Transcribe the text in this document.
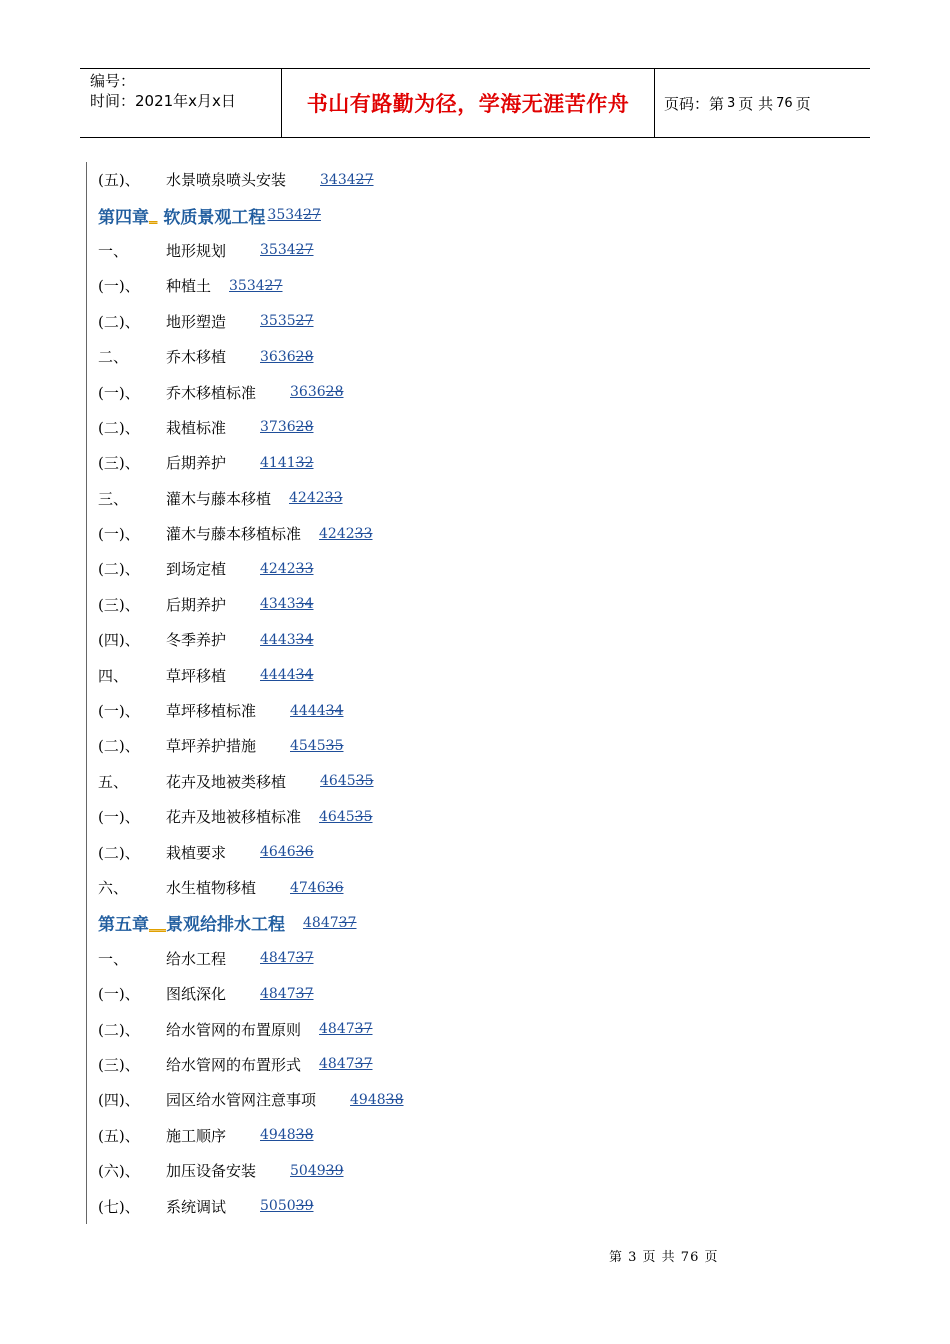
编号：
时间：2021年x月x日	书山有路勤为径，学海无涯苦作舟	页码：第 3 页 共 76 页
(五)、	水景喷泉喷头安装 343427
第四章 _ 软质景观工程 353427
一、	地形规划 353427
(一)、	种植土 353427
(二)、	地形塑造 353527
二、	乔木移植 363628
(一)、	乔木移植标准 363628
(二)、	栽植标准 373628
(三)、	后期养护 414132
三、	灌木与藤本移植 424233
(一)、	灌木与藤本移植标准 424233
(二)、	到场定植 424233
(三)、	后期养护 434334
(四)、	冬季养护 444334
四、	草坪移植 444434
(一)、	草坪移植标准 444434
(二)、	草坪养护措施 454535
五、	花卉及地被类移植 464535
(一)、	花卉及地被移植标准 464535
(二)、	栽植要求 464636
六、	水生植物移植 474636
第五章 __ 景观给排水工程 484737
一、	给水工程 484737
(一)、	图纸深化 484737
(二)、	给水管网的布置原则 484737
(三)、	给水管网的布置形式 484737
(四)、	园区给水管网注意事项 494838
(五)、	施工顺序 494838
(六)、	加压设备安装 504939
(七)、	系统调试 505039
第 3 页 共 76 页
